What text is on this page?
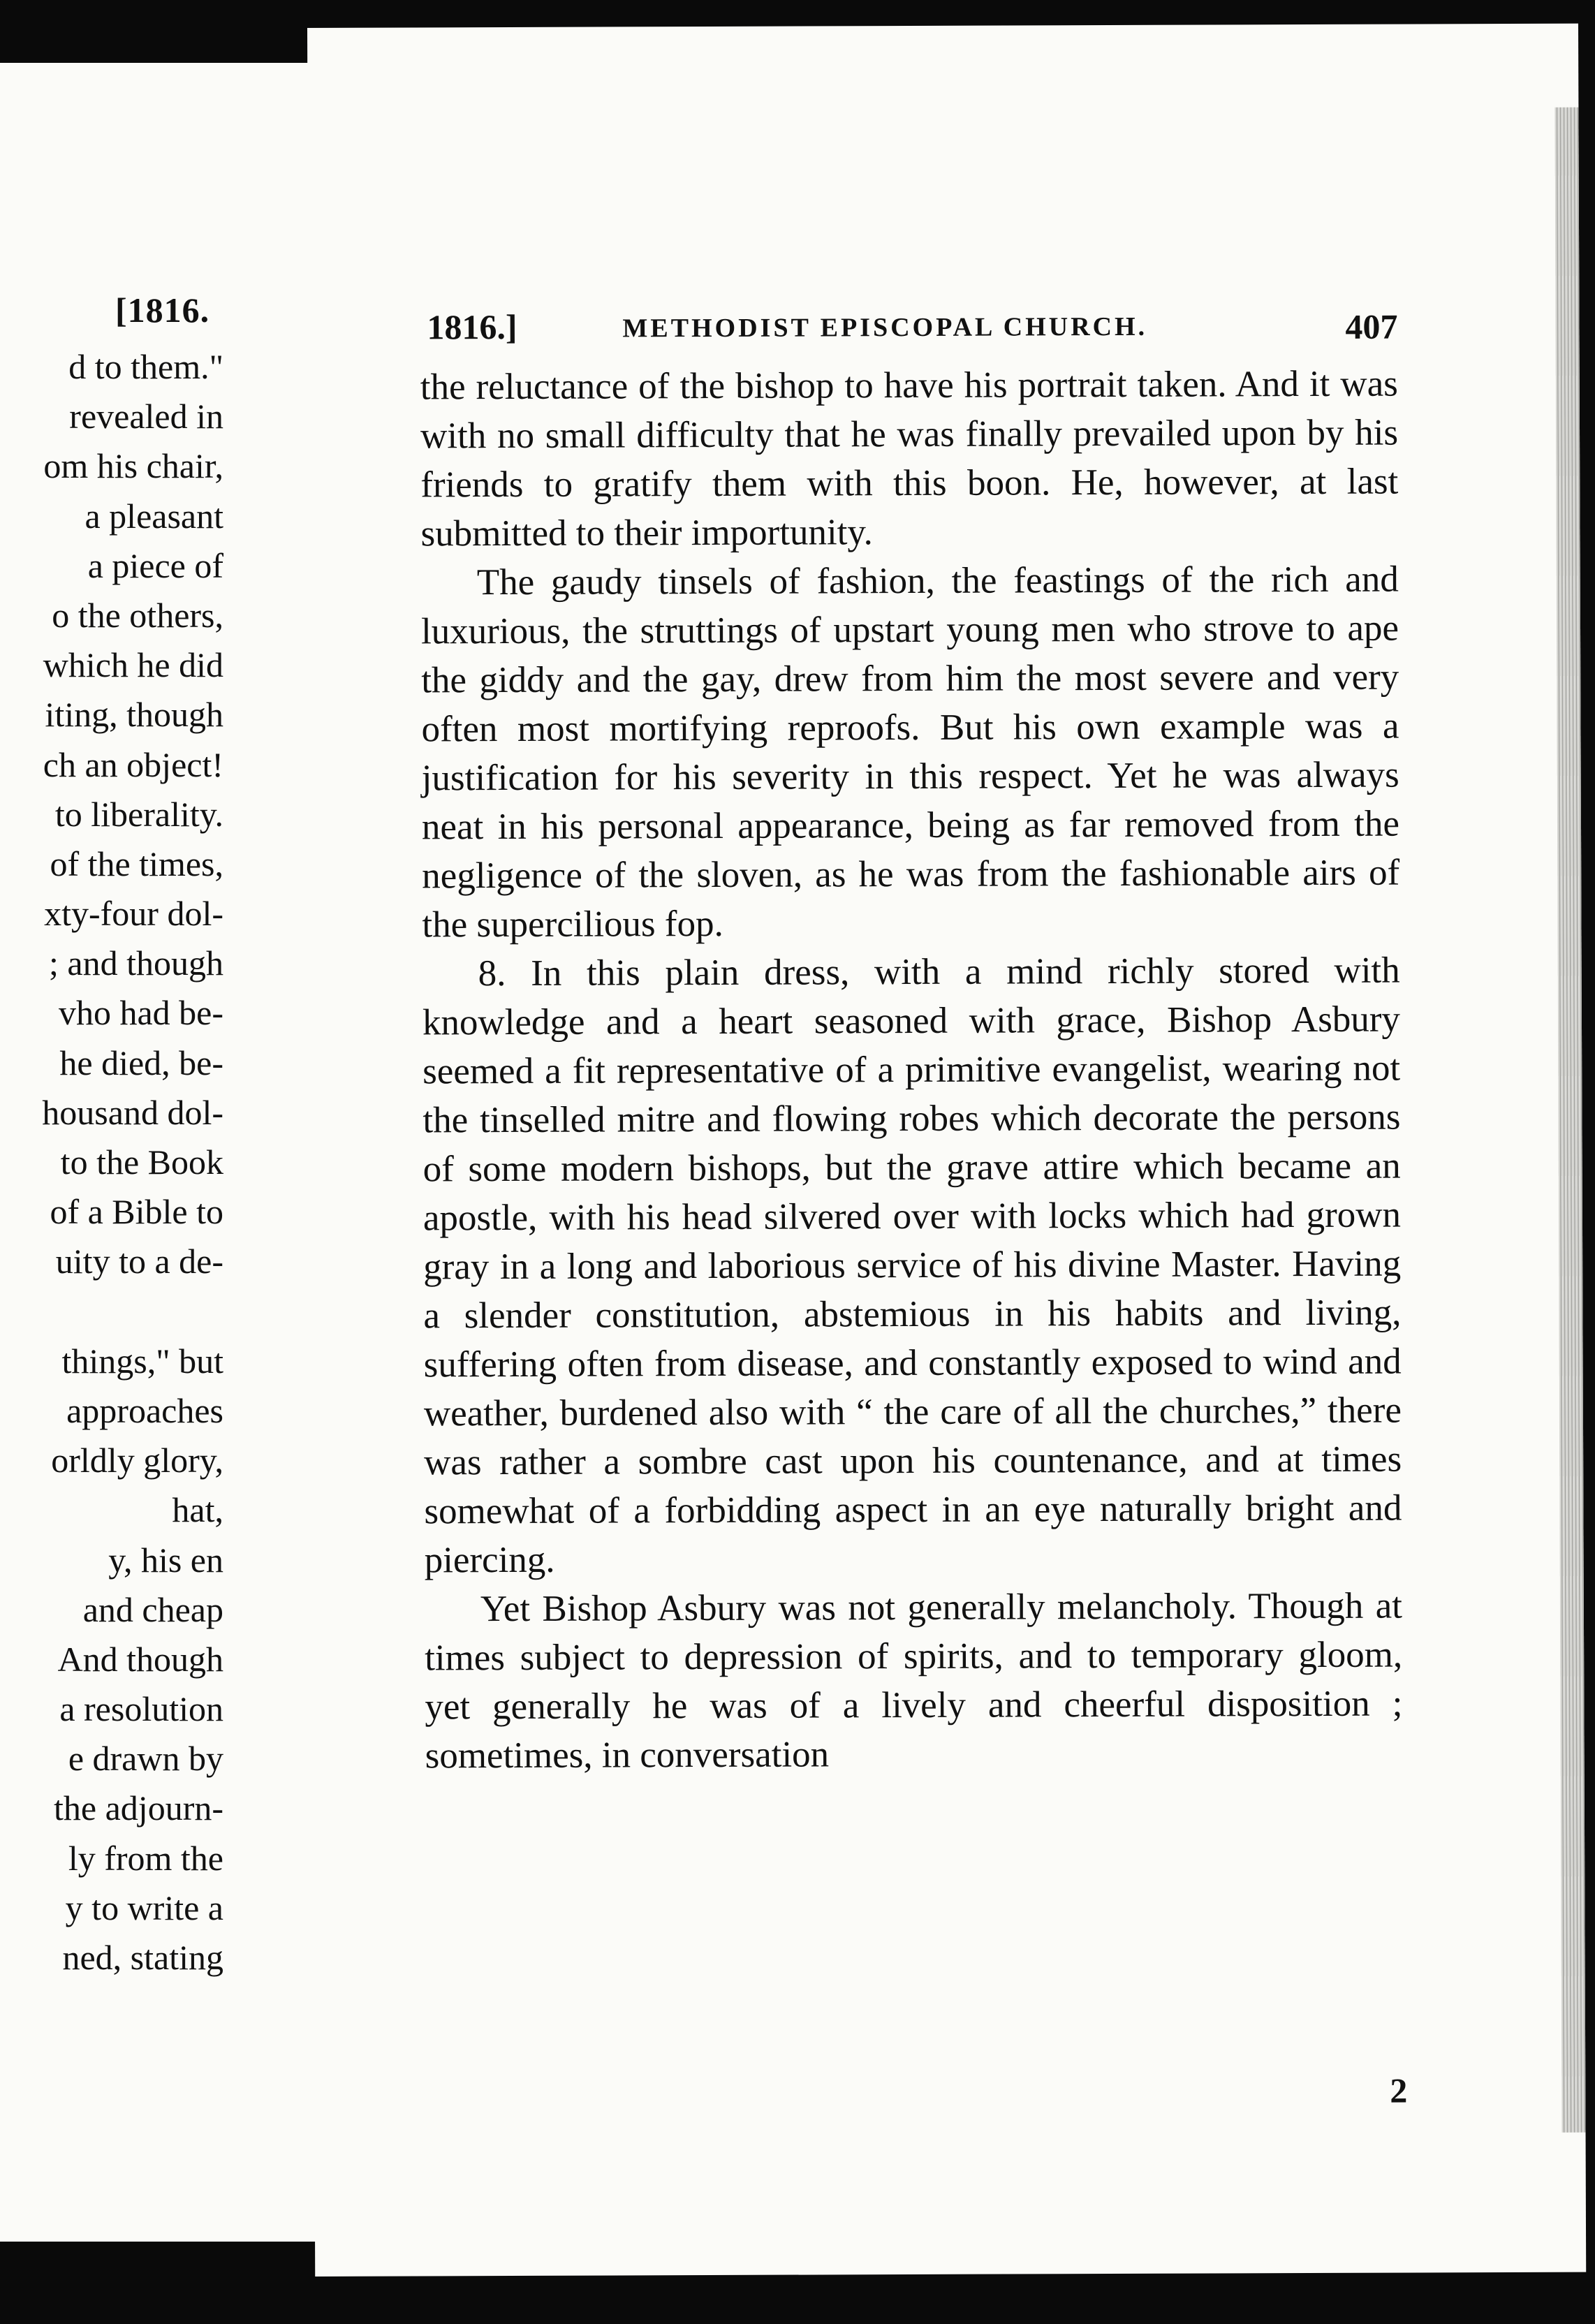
[1816.
d to them."
revealed in
om his chair,
a pleasant
a piece of
o the others,
which he did
iting, though
ch an object!
to liberality.
of the times,
xty-four dol-
; and though
vho had be-
he died, be-
housand dol-
to the Book
of a Bible to
uity to a de-
things," but
approaches
orldly glory,
hat,
y, his en
and cheap
And though
a resolution
e drawn by
the adjourn-
ly from the
y to write a
ned, stating
1816.]	METHODIST EPISCOPAL CHURCH.	407

the reluctance of the bishop to have his portrait taken. And it was with no small difficulty that he was finally prevailed upon by his friends to gratify them with this boon. He, however, at last submitted to their importunity.

The gaudy tinsels of fashion, the feastings of the rich and luxurious, the struttings of upstart young men who strove to ape the giddy and the gay, drew from him the most severe and very often most mortifying reproofs. But his own example was a justification for his severity in this respect. Yet he was always neat in his personal appearance, being as far removed from the negligence of the sloven, as he was from the fashionable airs of the supercilious fop.

8. In this plain dress, with a mind richly stored with knowledge and a heart seasoned with grace, Bishop Asbury seemed a fit representative of a primitive evangelist, wearing not the tinselled mitre and flowing robes which decorate the persons of some modern bishops, but the grave attire which became an apostle, with his head silvered over with locks which had grown gray in a long and laborious service of his divine Master. Having a slender constitution, abstemious in his habits and living, suffering often from disease, and constantly exposed to wind and weather, burdened also with “ the care of all the churches,” there was rather a sombre cast upon his countenance, and at times somewhat of a forbidding aspect in an eye naturally bright and piercing.

Yet Bishop Asbury was not generally melancholy. Though at times subject to depression of spirits, and to temporary gloom, yet generally he was of a lively and cheerful disposition ; sometimes, in conversation

2
